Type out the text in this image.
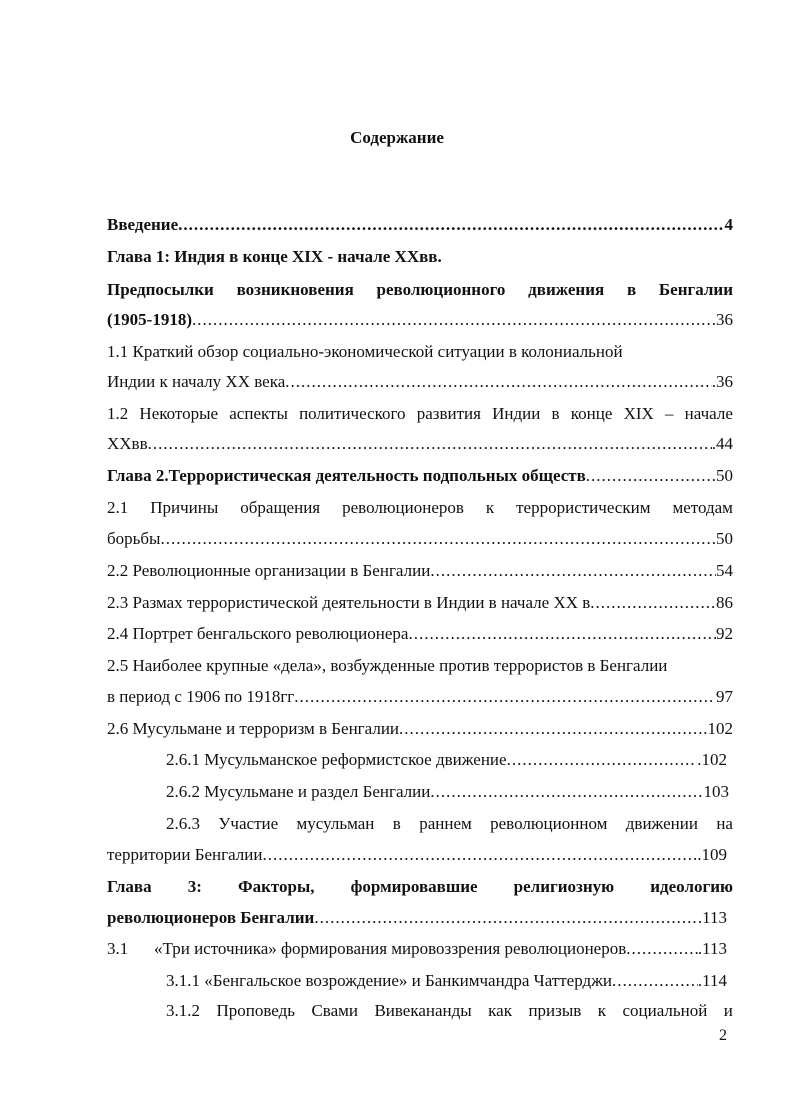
Содержание
Введение .....	4
Глава 1: Индия в конце XIX - начале XXвв.
Предпосылки возникновения революционного движения в Бенгалии
(1905-1918) .....	.36
1.1 Краткий обзор социально-экономической ситуации в колониальной
Индии к началу XX века .....	.36
1.2 Некоторые аспекты политического развития Индии в конце XIX – начале
XXвв .....	.44
Глава 2.Террористическая деятельность подпольных обществ .....	50
2.1 Причины обращения революционеров к террористическим методам
борьбы .....	50
2.2 Революционные организации в Бенгалии .....	54
2.3 Размах террористической деятельности в Индии в начале XX в .....	86
2.4 Портрет бенгальского революционера .....	92
2.5 Наиболее крупные «дела», возбужденные против террористов в Бенгалии
в период с 1906 по 1918гг .....	97
2.6 Мусульмане и терроризм в Бенгалии .....	.102
2.6.1 Мусульманское реформистское движение .....	.102
2.6.2 Мусульмане и раздел Бенгалии .....	103
2.6.3 Участие мусульман в раннем революционном движении на
территории Бенгалии .....	.109
Глава 3: Факторы, формировавшие религиозную идеологию
революционеров Бенгалии .....	.113
3.1	«Три источника» формирования мировоззрения революционеров .....	.113
3.1.1 «Бенгальское возрождение» и Банкимчандра Чаттерджи .....	.114
3.1.2 Проповедь Свами Вивекананды как призыв к социальной и
2
